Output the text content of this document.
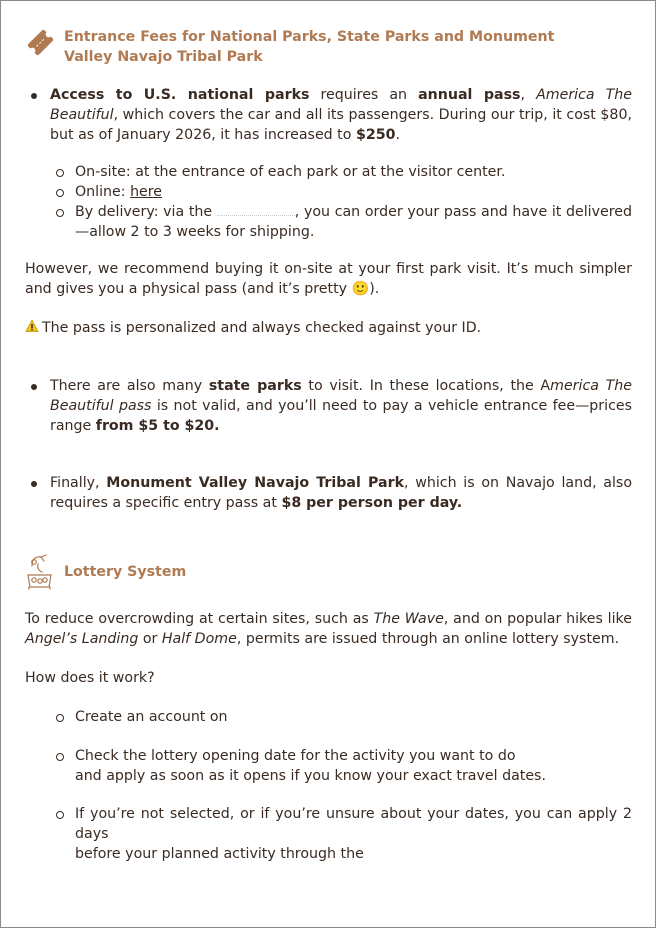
Entrance Fees for National Parks, State Parks and Monument
Valley Navajo Tribal Park
Access to U.S. national parks requires an annual pass, America The Beautiful, which covers the car and all its passengers. During our trip, it cost $80, but as of January 2026, it has increased to $250.
On-site: at the entrance of each park or at the visitor center.
Online: here
By delivery: via the	, you can order your pass and have it delivered—allow 2 to 3 weeks for shipping.

However, we recommend buying it on-site at your first park visit. It’s much simpler and gives you a physical pass (and it’s pretty 🙂).

The pass is personalized and always checked against your ID.

There are also many state parks to visit. In these locations, the America The Beautiful pass is not valid, and you’ll need to pay a vehicle entrance fee—prices range from $5 to $20.
Finally, Monument Valley Navajo Tribal Park, which is on Navajo land, also requires a specific entry pass at $8 per person per day.
Lottery System

To reduce overcrowding at certain sites, such as The Wave, and on popular hikes like Angel’s Landing or Half Dome, permits are issued through an online lottery system.

How does it work?

Create an account on
Check the lottery opening date for the activity you want to do
and apply as soon as it opens if you know your exact travel dates.
If you’re not selected, or if you’re unsure about your dates, you can apply 2 days
before your planned activity through the
